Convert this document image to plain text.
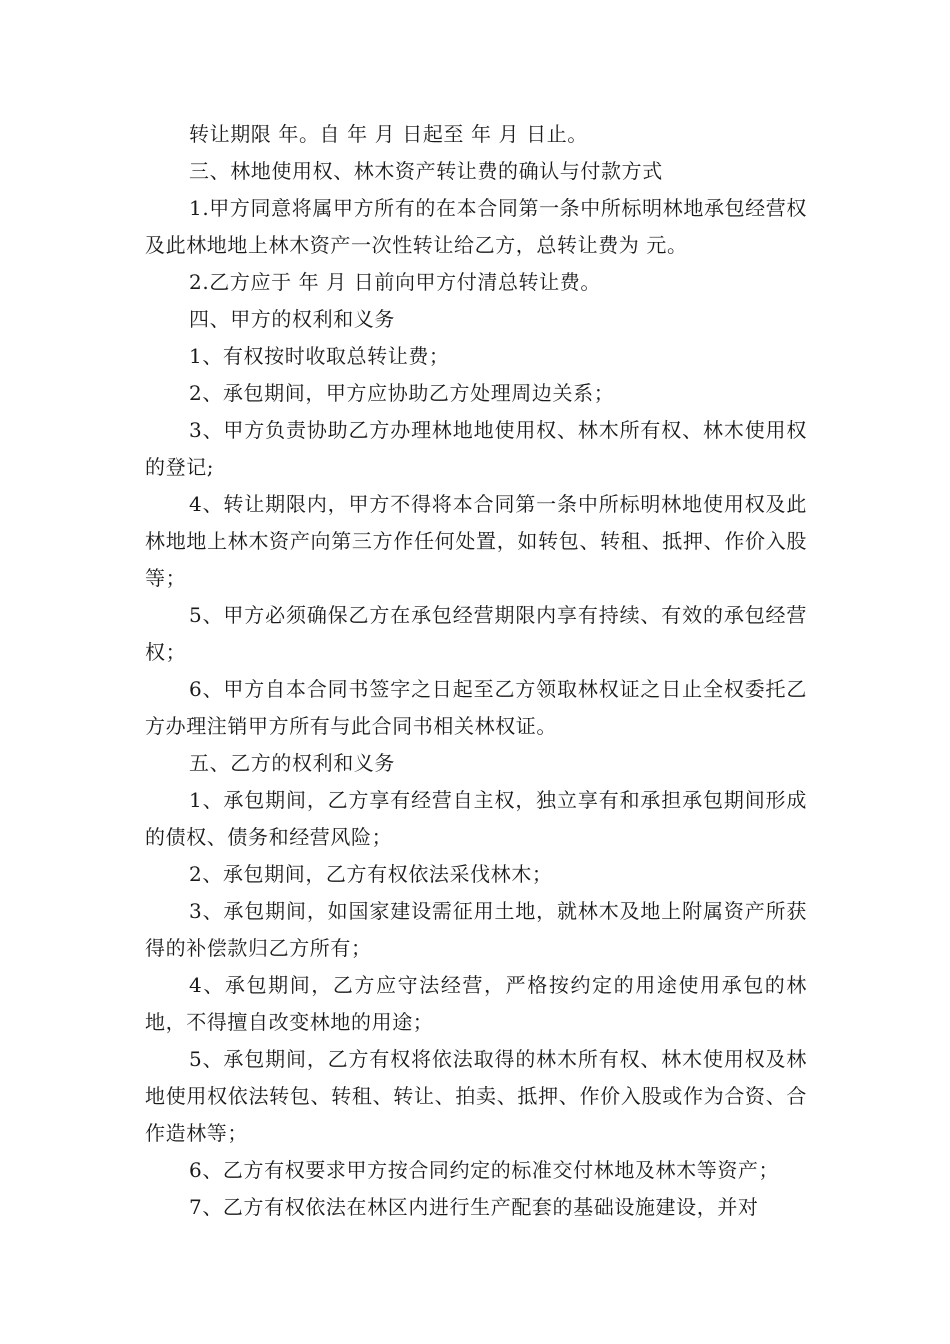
转让期限 年。自 年 月 日起至 年 月 日止。

三、林地使用权、林木资产转让费的确认与付款方式

1.甲方同意将属甲方所有的在本合同第一条中所标明林地承包经营权及此林地地上林木资产一次性转让给乙方，总转让费为 元。

2.乙方应于 年 月 日前向甲方付清总转让费。

四、甲方的权利和义务

1、有权按时收取总转让费；

2、承包期间，甲方应协助乙方处理周边关系；

3、甲方负责协助乙方办理林地地使用权、林木所有权、林木使用权的登记;

4、转让期限内，甲方不得将本合同第一条中所标明林地使用权及此林地地上林木资产向第三方作任何处置，如转包、转租、抵押、作价入股等；

5、甲方必须确保乙方在承包经营期限内享有持续、有效的承包经营权；

6、甲方自本合同书签字之日起至乙方领取林权证之日止全权委托乙方办理注销甲方所有与此合同书相关林权证。

五、乙方的权利和义务

1、承包期间，乙方享有经营自主权，独立享有和承担承包期间形成的债权、债务和经营风险；

2、承包期间，乙方有权依法采伐林木；

3、承包期间，如国家建设需征用土地，就林木及地上附属资产所获得的补偿款归乙方所有；

4、承包期间，乙方应守法经营，严格按约定的用途使用承包的林地，不得擅自改变林地的用途；

5、承包期间，乙方有权将依法取得的林木所有权、林木使用权及林地使用权依法转包、转租、转让、拍卖、抵押、作价入股或作为合资、合作造林等；

6、乙方有权要求甲方按合同约定的标准交付林地及林木等资产；

7、乙方有权依法在林区内进行生产配套的基础设施建设，并对
